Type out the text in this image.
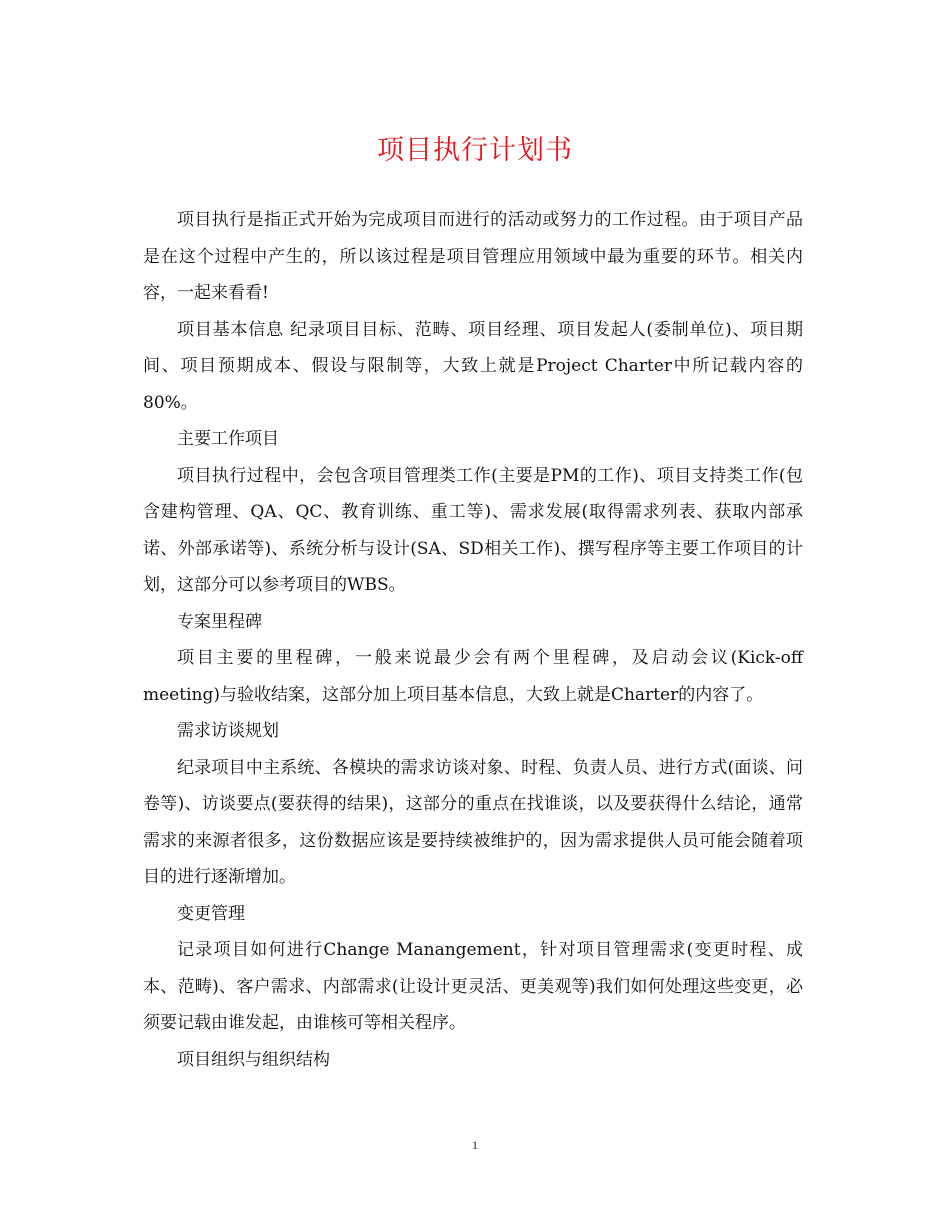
项目执行计划书

项目执行是指正式开始为完成项目而进行的活动或努力的工作过程。由于项目产品是在这个过程中产生的，所以该过程是项目管理应用领域中最为重要的环节。相关内容，一起来看看!

项目基本信息 纪录项目目标、范畴、项目经理、项目发起人(委制单位)、项目期间、项目预期成本、假设与限制等，大致上就是Project Charter中所记载内容的80%。

主要工作项目

项目执行过程中，会包含项目管理类工作(主要是PM的工作)、项目支持类工作(包含建构管理、QA、QC、教育训练、重工等)、需求发展(取得需求列表、获取内部承诺、外部承诺等)、系统分析与设计(SA、SD相关工作)、撰写程序等主要工作项目的计划，这部分可以参考项目的WBS。

专案里程碑

项目主要的里程碑，一般来说最少会有两个里程碑，及启动会议(Kick-off meeting)与验收结案，这部分加上项目基本信息，大致上就是Charter的内容了。

需求访谈规划

纪录项目中主系统、各模块的需求访谈对象、时程、负责人员、进行方式(面谈、问卷等)、访谈要点(要获得的结果)，这部分的重点在找谁谈，以及要获得什么结论，通常需求的来源者很多，这份数据应该是要持续被维护的，因为需求提供人员可能会随着项目的进行逐渐增加。

变更管理

记录项目如何进行Change Manangement，针对项目管理需求(变更时程、成本、范畴)、客户需求、内部需求(让设计更灵活、更美观等)我们如何处理这些变更，必须要记载由谁发起，由谁核可等相关程序。

项目组织与组织结构

1
